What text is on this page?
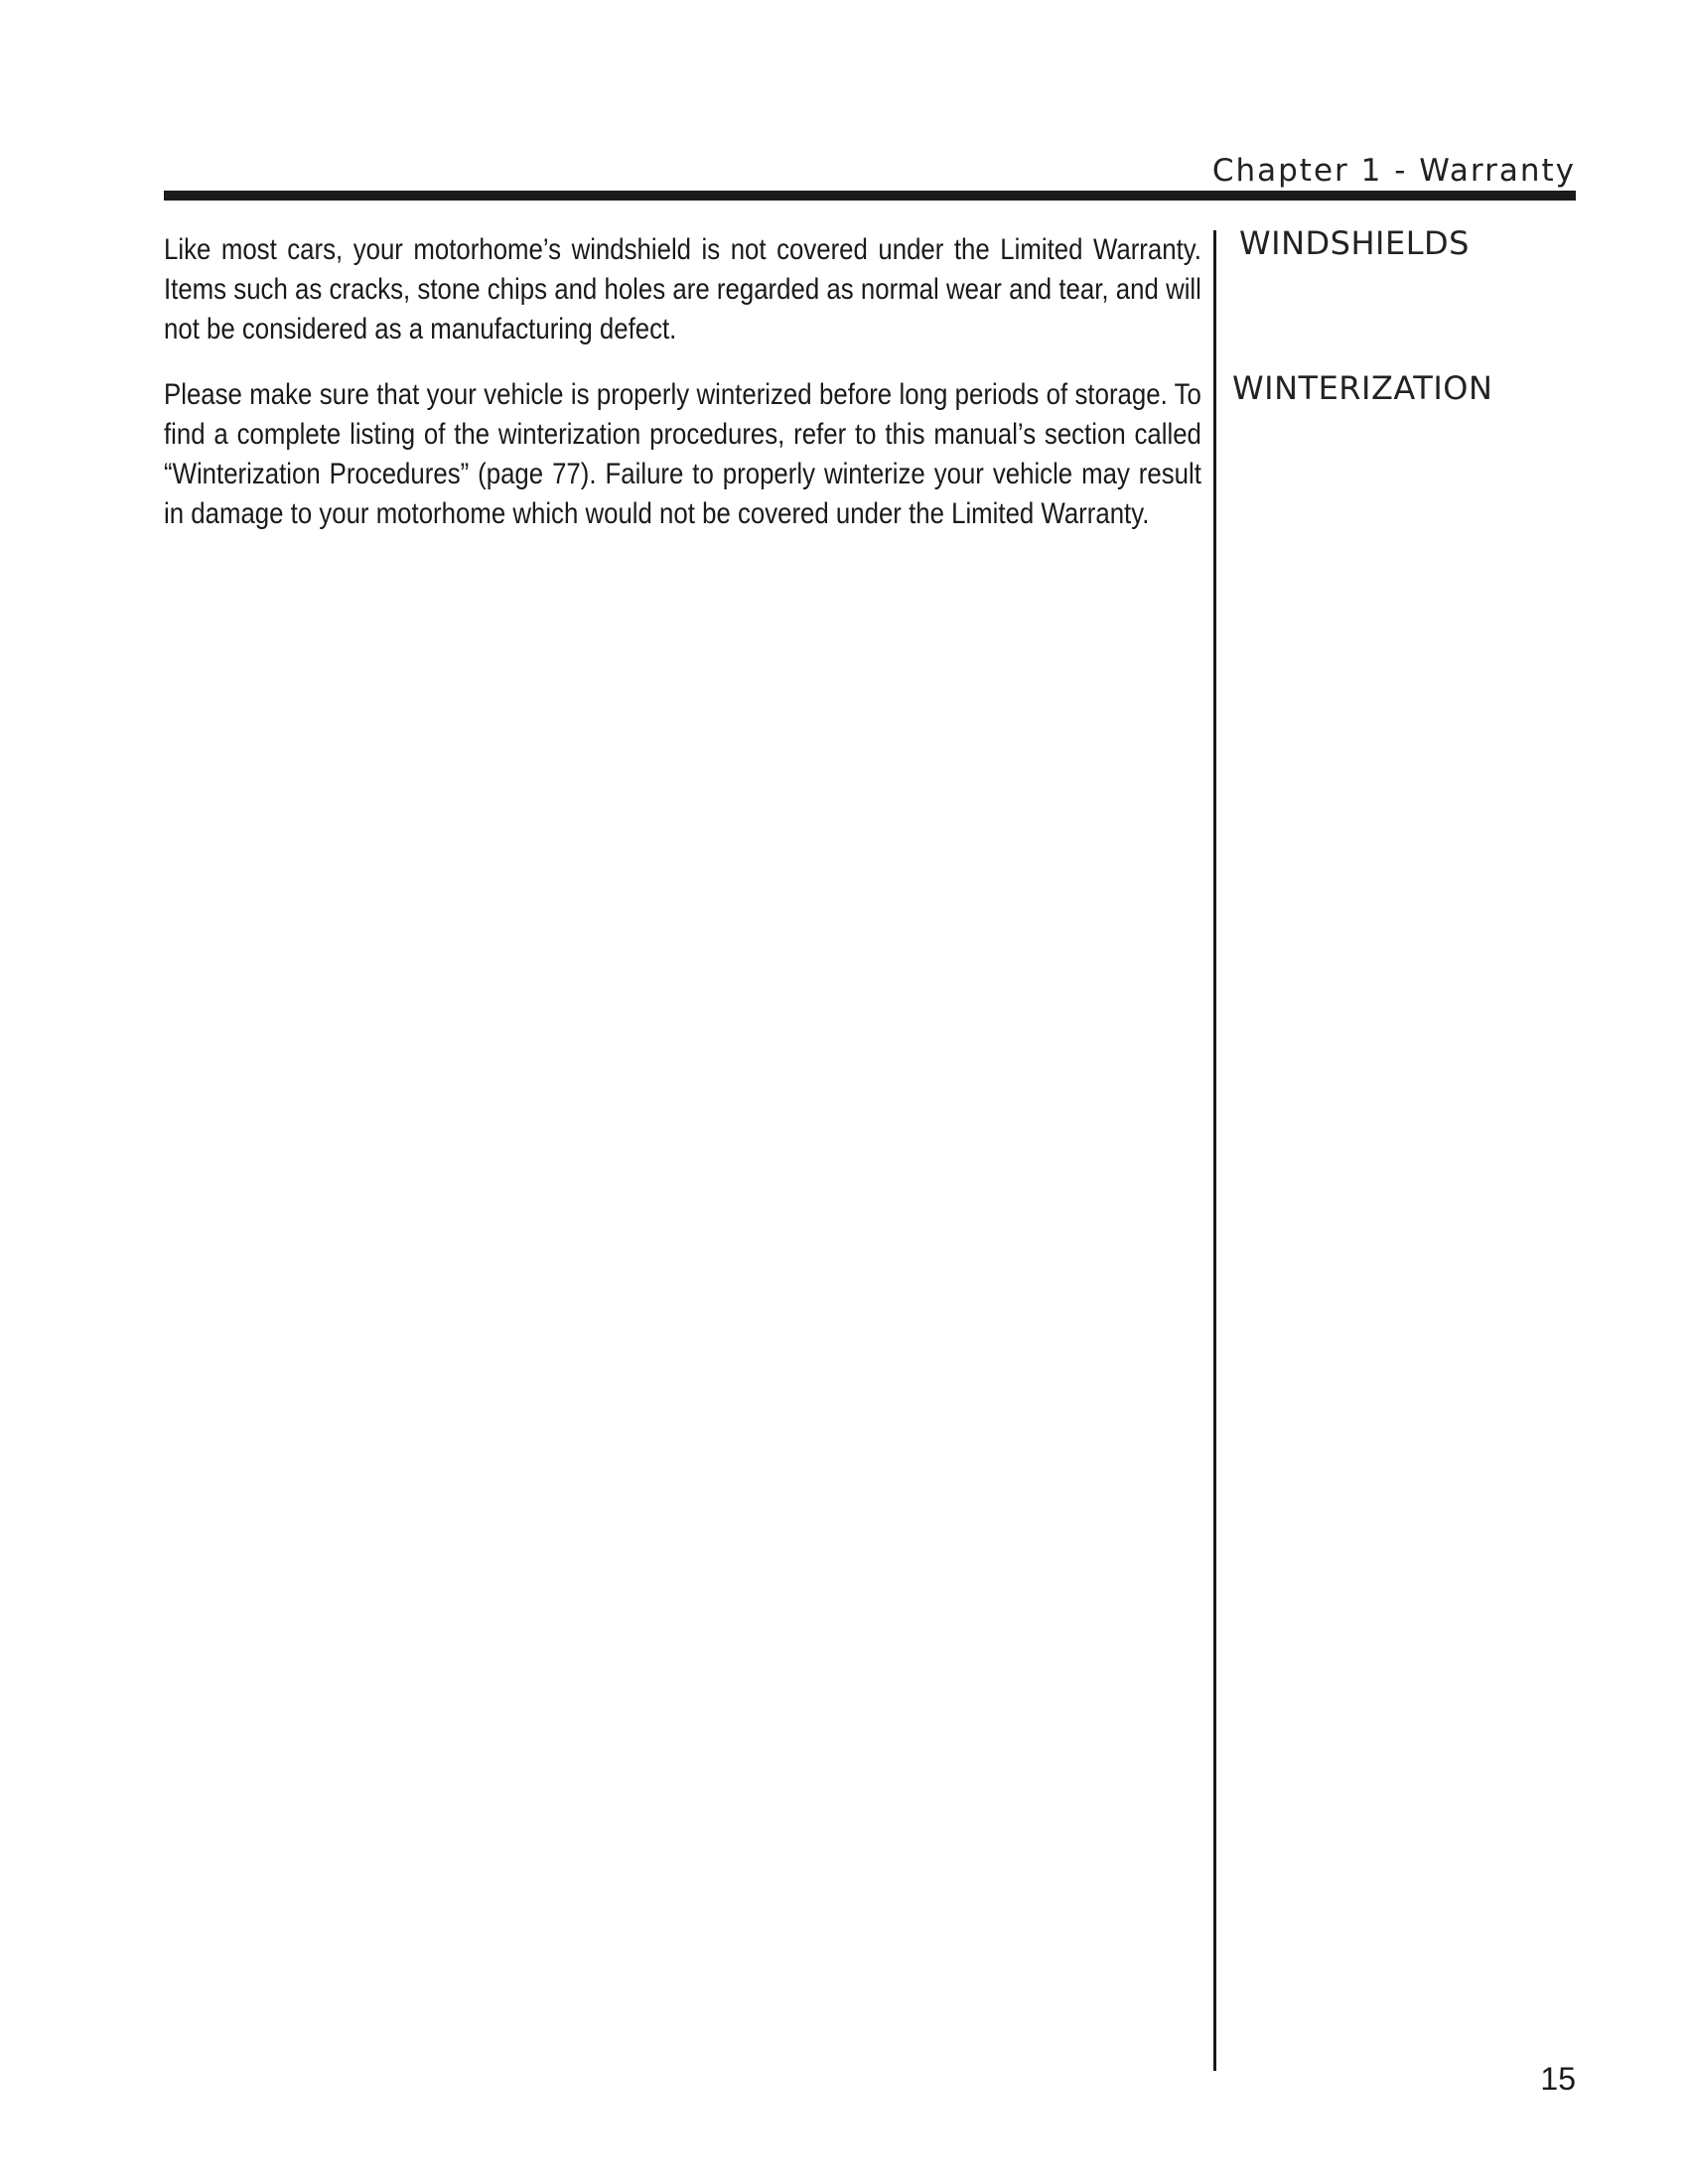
Chapter 1 - Warranty

Like most cars, your motorhome’s windshield is not covered under the Limited Warranty. Items such as cracks, stone chips and holes are regarded as normal wear and tear, and will not be considered as a manufacturing defect.

Please make sure that your vehicle is properly winterized before long periods of storage. To find a complete listing of the winterization procedures, refer to this manual’s section called “Winterization Procedures” (page 77). Failure to properly winterize your vehicle may result in damage to your motorhome which would not be covered under the Limited Warranty.

WINDSHIELDS
WINTERIZATION
15
